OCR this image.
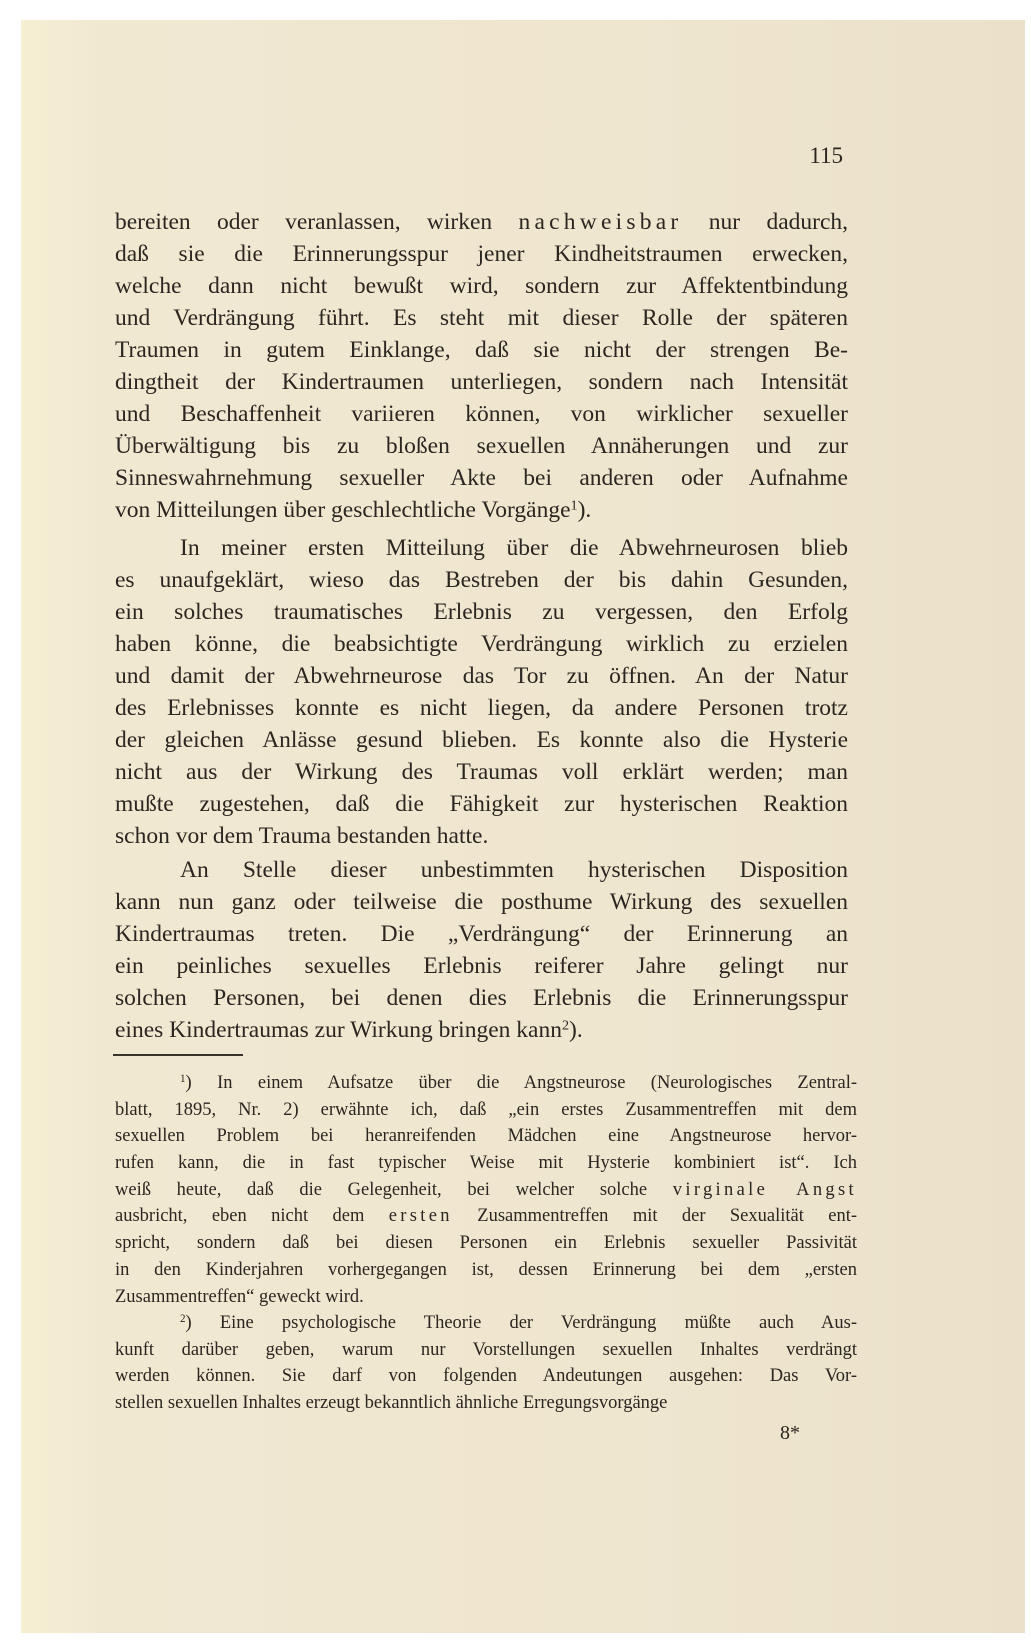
115
bereiten oder veranlassen, wirken nachweisbar nur dadurch,
daß sie die Erinnerungsspur jener Kindheitstraumen erwecken,
welche dann nicht bewußt wird, sondern zur Affektentbindung
und Verdrängung führt. Es steht mit dieser Rolle der späteren
Traumen in gutem Einklange, daß sie nicht der strengen Be-
dingtheit der Kindertraumen unterliegen, sondern nach Intensität
und Beschaffenheit variieren können, von wirklicher sexueller
Überwältigung bis zu bloßen sexuellen Annäherungen und zur
Sinneswahrnehmung sexueller Akte bei anderen oder Aufnahme
von Mitteilungen über geschlechtliche Vorgänge$^1$).
In meiner ersten Mitteilung über die Abwehrneurosen blieb
es unaufgeklärt, wieso das Bestreben der bis dahin Gesunden,
ein solches traumatisches Erlebnis zu vergessen, den Erfolg
haben könne, die beabsichtigte Verdrängung wirklich zu erzielen
und damit der Abwehrneurose das Tor zu öffnen. An der Natur
des Erlebnisses konnte es nicht liegen, da andere Personen trotz
der gleichen Anlässe gesund blieben. Es konnte also die Hysterie
nicht aus der Wirkung des Traumas voll erklärt werden; man
mußte zugestehen, daß die Fähigkeit zur hysterischen Reaktion
schon vor dem Trauma bestanden hatte.
An Stelle dieser unbestimmten hysterischen Disposition
kann nun ganz oder teilweise die posthume Wirkung des sexuellen
Kindertraumas treten. Die „Verdrängung“ der Erinnerung an
ein peinliches sexuelles Erlebnis reiferer Jahre gelingt nur
solchen Personen, bei denen dies Erlebnis die Erinnerungsspur
eines Kindertraumas zur Wirkung bringen kann$^2$).
$^1$) In einem Aufsatze über die Angstneurose (Neurologisches Zentral-
blatt, 1895, Nr. 2) erwähnte ich, daß „ein erstes Zusammentreffen mit dem
sexuellen Problem bei heranreifenden Mädchen eine Angstneurose hervor-
rufen kann, die in fast typischer Weise mit Hysterie kombiniert ist“. Ich
weiß heute, daß die Gelegenheit, bei welcher solche virginale Angst
ausbricht, eben nicht dem ersten Zusammentreffen mit der Sexualität ent-
spricht, sondern daß bei diesen Personen ein Erlebnis sexueller Passivität
in den Kinderjahren vorhergegangen ist, dessen Erinnerung bei dem „ersten
Zusammentreffen“ geweckt wird.
$^2$) Eine psychologische Theorie der Verdrängung müßte auch Aus-
kunft darüber geben, warum nur Vorstellungen sexuellen Inhaltes verdrängt
werden können. Sie darf von folgenden Andeutungen ausgehen: Das Vor-
stellen sexuellen Inhaltes erzeugt bekanntlich ähnliche Erregungsvorgänge
8*
